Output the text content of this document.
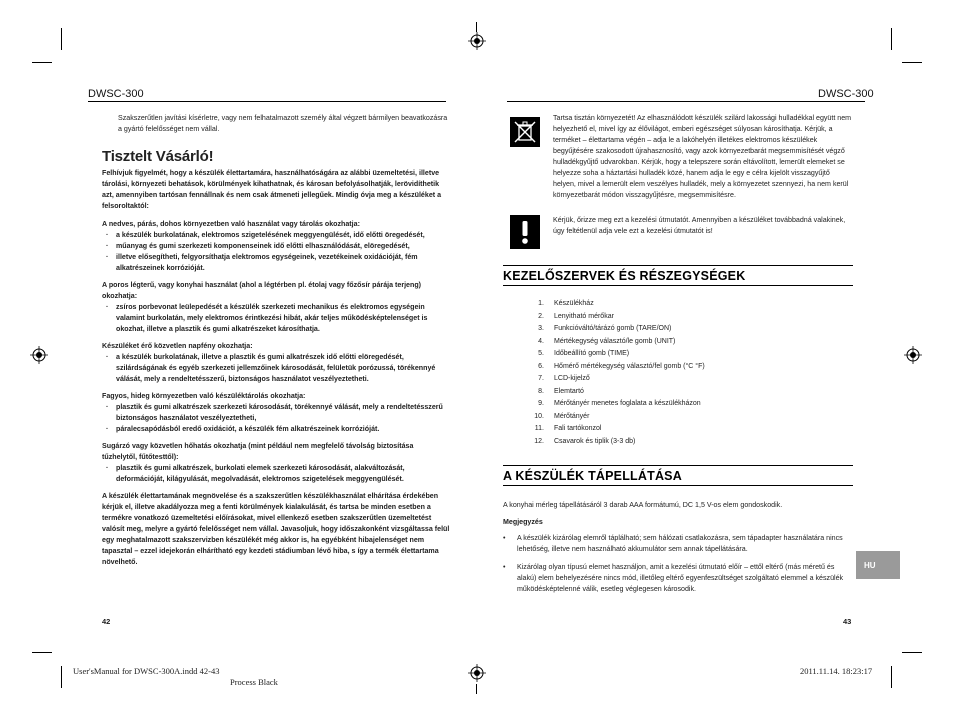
DWSC-300	DWSC-300

Szakszerűtlen javítási kísérletre, vagy nem felhatalmazott személy által végzett bármilyen beavatkozásra a gyártó felelősséget nem vállal.

Tisztelt Vásárló!

Felhívjuk figyelmét, hogy a készülék élettartamára, használhatóságára az alábbi üzemeltetési, illetve tárolási, környezeti behatások, körülmények kihathatnak, és károsan befolyásolhatják, lerövidíthetik azt, amennyiben tartósan fennállnak és nem csak átmeneti jellegűek. Mindig óvja meg a készüléket a felsoroltaktól:

A nedves, párás, dohos környezetben való használat vagy tárolás okozhatja:

· a készülék burkolatának, elektromos szigetelésének meggyengülését, idő előtti öregedését,
· műanyag és gumi szerkezeti komponenseinek idő előtti elhasználódását, elöregedését,
· illetve elősegítheti, felgyorsíthatja elektromos egységeinek, vezetékeinek oxidációját, fém alkatrészeinek korrózióját.

A poros légterű, vagy konyhai használat (ahol a légtérben pl. étolaj vagy főzősír párája terjeng) okozhatja:

· zsíros porbevonat leülepedését a készülék szerkezeti mechanikus és elektromos egységein valamint burkolatán, mely elektromos érintkezési hibát, akár teljes működésképtelenséget is okozhat, illetve a plasztik és gumi alkatrészeket károsíthatja.

Készüléket érő közvetlen napfény okozhatja:

· a készülék burkolatának, illetve a plasztik és gumi alkatrészek idő előtti elöregedését, szilárdságának és egyéb szerkezeti jellemzőinek károsodását, felületük porózussá, törékennyé válását, mely a rendeltetésszerű, biztonságos használatot veszélyeztetheti.

Fagyos, hideg környezetben való készüléktárolás okozhatja:

· plasztik és gumi alkatrészek szerkezeti károsodását, törékennyé válását, mely a rendeltetésszerű biztonságos használatot veszélyeztetheti,
· páralecsapódásból eredő oxidációt, a készülék fém alkatrészeinek korrózióját.

Sugárzó vagy közvetlen hőhatás okozhatja (mint például nem megfelelő távolság biztosítása tűzhelytől, fűtőtesttől):

· plasztik és gumi alkatrészek, burkolati elemek szerkezeti károsodását, alakváltozását, deformációját, kilágyulását, megolvadását, elektromos szigetelések meggyengülését.

A készülék élettartamának megnövelése és a szakszerűtlen készülékhasználat elhárítása érdekében kérjük el, illetve akadályozza meg a fenti körülmények kialakulását, és tartsa be minden esetben a termékre vonatkozó üzemeltetési előírásokat, mivel ellenkező esetben szakszerűtlen üzemeltetést valósít meg, melyre a gyártó felelősséget nem vállal. Javasoljuk, hogy időszakonként vizsgáltassa felül egy meghatalmazott szakszervizben készülékét még akkor is, ha egyébként hibajelenséget nem tapasztal – ezzel idejekorán elhárítható egy kezdeti stádiumban lévő hiba, s így a termék élettartama növelhető.

42

Tartsa tisztán környezetét! Az elhasználódott készülék szilárd lakossági hulladékkal együtt nem helyezhető el, mivel így az élővilágot, emberi egészséget súlyosan károsíthatja. Kérjük, a terméket – élettartama végén – adja le a lakóhelyén illetékes elektromos készülékek begyűjtésére szakosodott újrahasznosító, vagy azok környezetbarát megsemmisítését végző hulladékgyűjtő udvarokban. Kérjük, hogy a telepszere során eltávolított, lemerült elemeket se helyezze soha a háztartási hulladék közé, hanem adja le egy e célra kijelölt visszagyűjtő helyen, mivel a lemerült elem veszélyes hulladék, mely a környezetet szennyezi, ha nem kerül környezetbarát módon visszagyűjtésre, megsemmisítésre.

Kérjük, őrizze meg ezt a kezelési útmutatót. Amennyiben a készüléket továbbadná valakinek, úgy feltétlenül adja vele ezt a kezelési útmutatót is!

KEZELŐSZERVEK ÉS RÉSZEGYSÉGEK
1.	Készülékház
2.	Lenyitható mérőkar
3.	Funkcióváltó/tárázó gomb (TARE/ON)
4.	Mértékegység választó/le gomb (UNIT)
5.	Időbeállító gomb (TIME)
6.	Hőmérő mértékegység választó/fel gomb (°C °F)
7.	LCD-kijelző
8.	Elemtartó
9.	Mérőtányér menetes foglalata a készülékházon
10.	Mérőtányér
11.	Fali tartókonzol
12.	Csavarok és tiplik (3-3 db)
A KÉSZÜLÉK TÁPELLÁTÁSA

A konyhai mérleg tápellátásáról 3 darab AAA formátumú, DC 1,5 V-os elem gondoskodik.

Megjegyzés

•	A készülék kizárólag elemről táplálható; sem hálózati csatlakozásra, sem tápadapter használatára nincs lehetőség, illetve nem használható akkumulátor sem annak tápellátására.

•	Kizárólag olyan típusú elemet használjon, amit a kezelési útmutató előír – ettől eltérő (más méretű és alakú) elem behelyezésére nincs mód, illetőleg eltérő egyenfeszültséget szolgáltató elemmel a készülék működésképtelenné válik, esetleg véglegesen károsodik.

HU
43
User'sManual for DWSC-300A.indd 42-43
Process Black
2011.11.14. 18:23:17
